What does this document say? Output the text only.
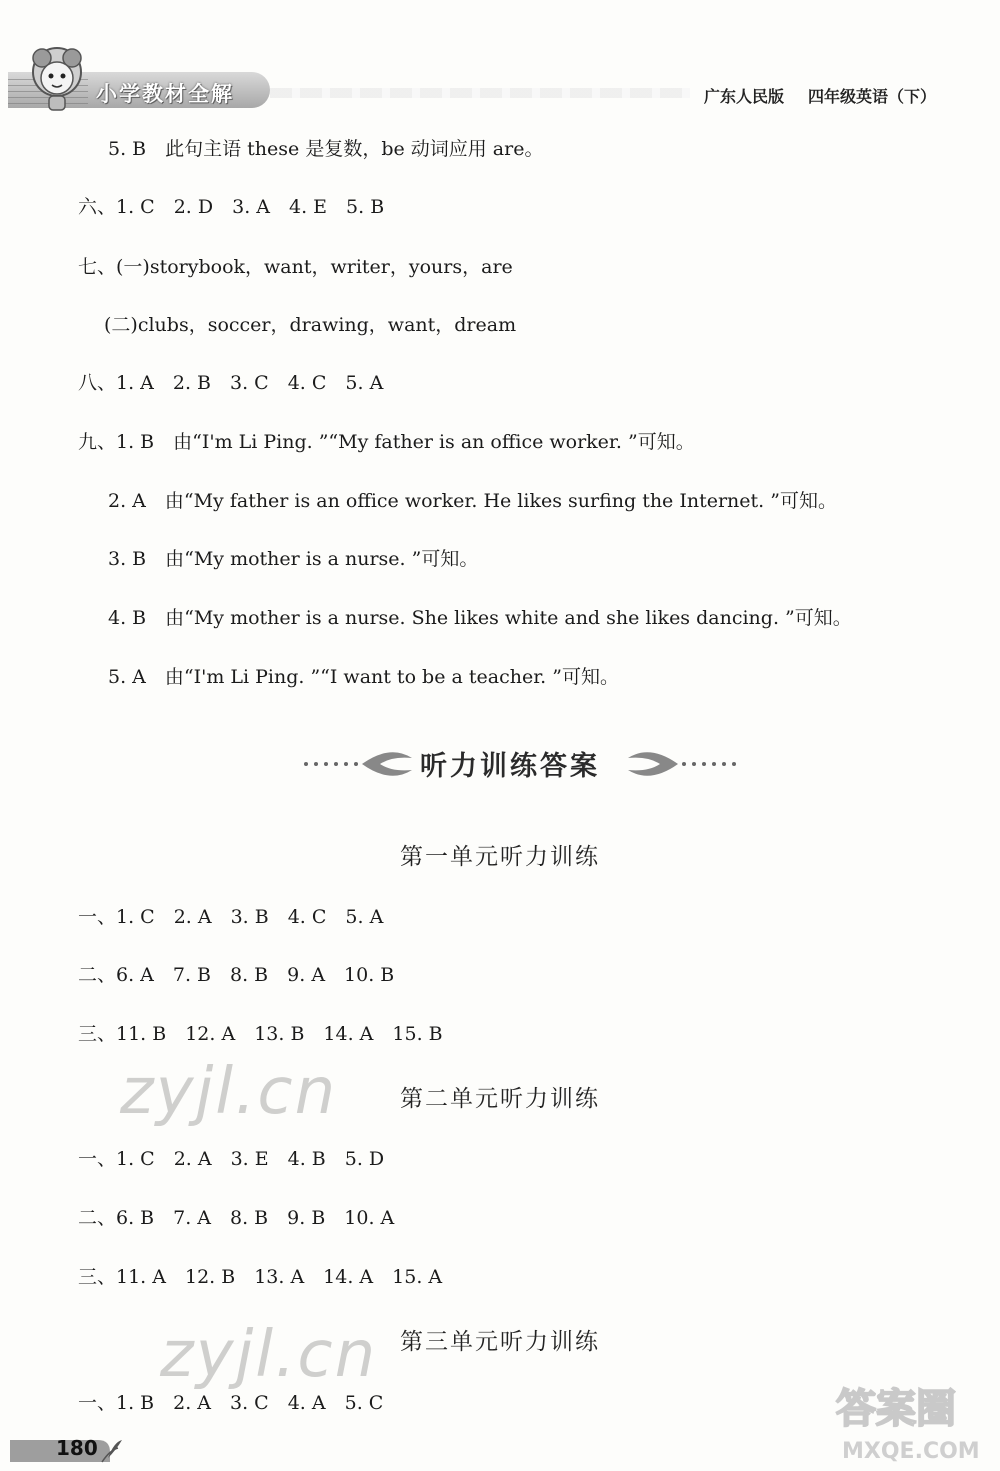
小学教材全解	广东人民版 四年级英语（下）
5. B　此句主语 these 是复数，be 动词应用 are。
六、1. C　2. D　3. A　4. E　5. B
七、(一)storybook，want，writer，yours，are
(二)clubs，soccer，drawing，want，dream
八、1. A　2. B　3. C　4. C　5. A
九、1. B　由“I'm Li Ping. ”“My father is an office worker. ”可知。
2. A　由“My father is an office worker. He likes surfing the Internet. ”可知。
3. B　由“My mother is a nurse. ”可知。
4. B　由“My mother is a nurse. She likes white and she likes dancing. ”可知。
5. A　由“I'm Li Ping. ”“I want to be a teacher. ”可知。
听力训练答案
第一单元听力训练
一、1. C　2. A　3. B　4. C　5. A
二、6. A　7. B　8. B　9. A　10. B
三、11. B　12. A　13. B　14. A　15. B
第二单元听力训练
一、1. C　2. A　3. E　4. B　5. D
二、6. B　7. A　8. B　9. B　10. A
三、11. A　12. B　13. A　14. A　15. A
第三单元听力训练
一、1. B　2. A　3. C　4. A　5. C
zyjl.cn
zyjl.cn
答案圈
MXQE.COM
180
